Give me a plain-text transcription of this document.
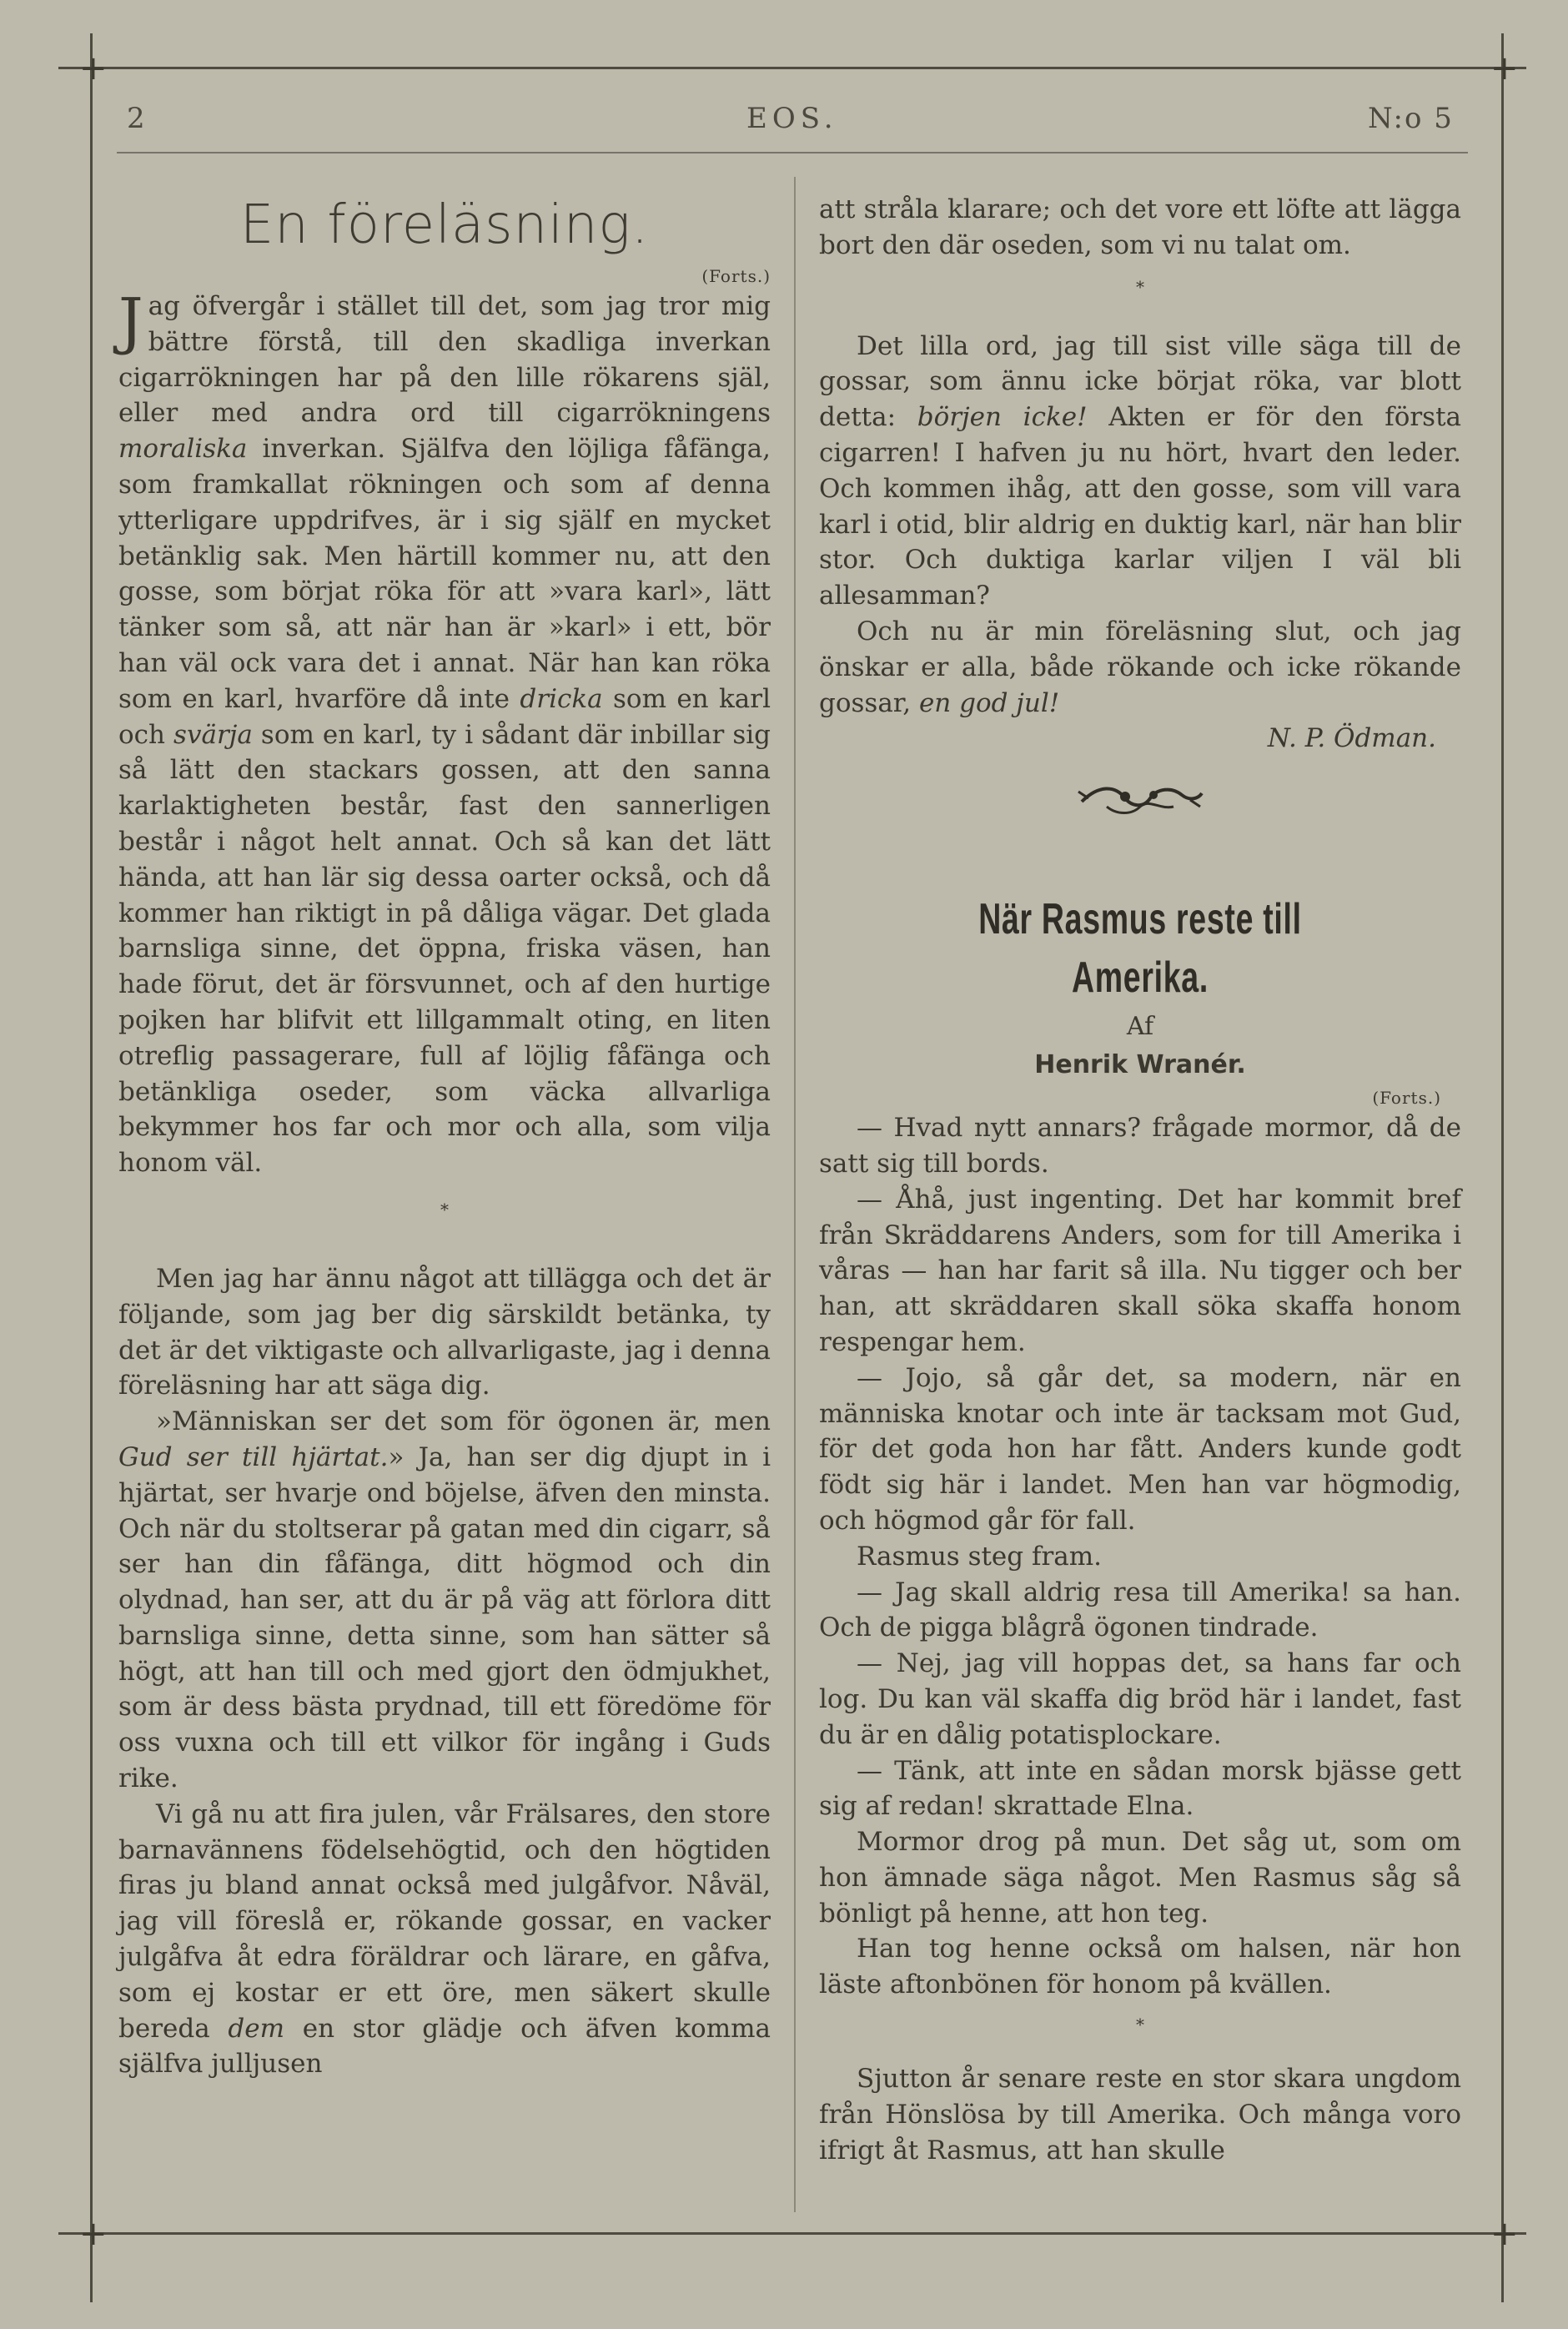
+	+
+	+
2	EOS.	N:o 5
En föreläsning.
(Forts.)

J ag öfvergår i stället till det, som jag tror mig bättre förstå, till den skadliga inverkan cigarrökningen har på den lille rökarens själ, eller med andra ord till cigarrökningens moraliska inverkan. Själfva den löjliga fåfänga, som framkallat rökningen och som af denna ytterligare uppdrifves, är i sig själf en mycket betänklig sak. Men härtill kommer nu, att den gosse, som börjat röka för att »vara karl», lätt tänker som så, att när han är »karl» i ett, bör han väl ock vara det i annat. När han kan röka som en karl, hvarföre då inte dricka som en karl och svärja som en karl, ty i sådant där inbillar sig så lätt den stackars gossen, att den sanna karlaktigheten består, fast den sannerligen består i något helt annat. Och så kan det lätt hända, att han lär sig dessa oarter också, och då kommer han riktigt in på dåliga vägar. Det glada barnsliga sinne, det öppna, friska väsen, han hade förut, det är försvunnet, och af den hurtige pojken har blifvit ett lillgammalt oting, en liten otreflig passagerare, full af löjlig fåfänga och betänkliga oseder, som väcka allvarliga bekymmer hos far och mor och alla, som vilja honom väl.

*

Men jag har ännu något att tillägga och det är följande, som jag ber dig särskildt betänka, ty det är det viktigaste och allvarligaste, jag i denna föreläsning har att säga dig.

»Människan ser det som för ögonen är, men Gud ser till hjärtat.» Ja, han ser dig djupt in i hjärtat, ser hvarje ond böjelse, äfven den minsta. Och när du stoltserar på gatan med din cigarr, så ser han din fåfänga, ditt högmod och din olydnad, han ser, att du är på väg att förlora ditt barnsliga sinne, detta sinne, som han sätter så högt, att han till och med gjort den ödmjukhet, som är dess bästa prydnad, till ett föredöme för oss vuxna och till ett vilkor för ingång i Guds rike.

Vi gå nu att fira julen, vår Frälsares, den store barnavännens födelsehögtid, och den högtiden firas ju bland annat också med julgåfvor. Nåväl, jag vill föreslå er, rökande gossar, en vacker julgåfva åt edra föräldrar och lärare, en gåfva, som ej kostar er ett öre, men säkert skulle bereda dem en stor glädje och äfven komma själfva julljusen

att stråla klarare; och det vore ett löfte att lägga bort den där oseden, som vi nu talat om.

*

Det lilla ord, jag till sist ville säga till de gossar, som ännu icke börjat röka, var blott detta: börjen icke! Akten er för den första cigarren! I hafven ju nu hört, hvart den leder. Och kommen ihåg, att den gosse, som vill vara karl i otid, blir aldrig en duktig karl, när han blir stor. Och duktiga karlar viljen I väl bli allesamman?

Och nu är min föreläsning slut, och jag önskar er alla, både rökande och icke rökande gossar, en god jul!

N. P. Ödman.

När Rasmus reste till Amerika.
Af
Henrik Wranér.
(Forts.)

— Hvad nytt annars? frågade mormor, då de satt sig till bords.

— Åhå, just ingenting. Det har kommit bref från Skräddarens Anders, som for till Amerika i våras — han har farit så illa. Nu tigger och ber han, att skräddaren skall söka skaffa honom respengar hem.

— Jojo, så går det, sa modern, när en människa knotar och inte är tacksam mot Gud, för det goda hon har fått. Anders kunde godt födt sig här i landet. Men han var högmodig, och högmod går för fall.

Rasmus steg fram.

— Jag skall aldrig resa till Amerika! sa han. Och de pigga blågrå ögonen tindrade.

— Nej, jag vill hoppas det, sa hans far och log. Du kan väl skaffa dig bröd här i landet, fast du är en dålig potatisplockare.

— Tänk, att inte en sådan morsk bjässe gett sig af redan! skrattade Elna.

Mormor drog på mun. Det såg ut, som om hon ämnade säga något. Men Rasmus såg så bönligt på henne, att hon teg.

Han tog henne också om halsen, när hon läste aftonbönen för honom på kvällen.

*

Sjutton år senare reste en stor skara ungdom från Hönslösa by till Amerika. Och många voro ifrigt åt Rasmus, att han skulle
